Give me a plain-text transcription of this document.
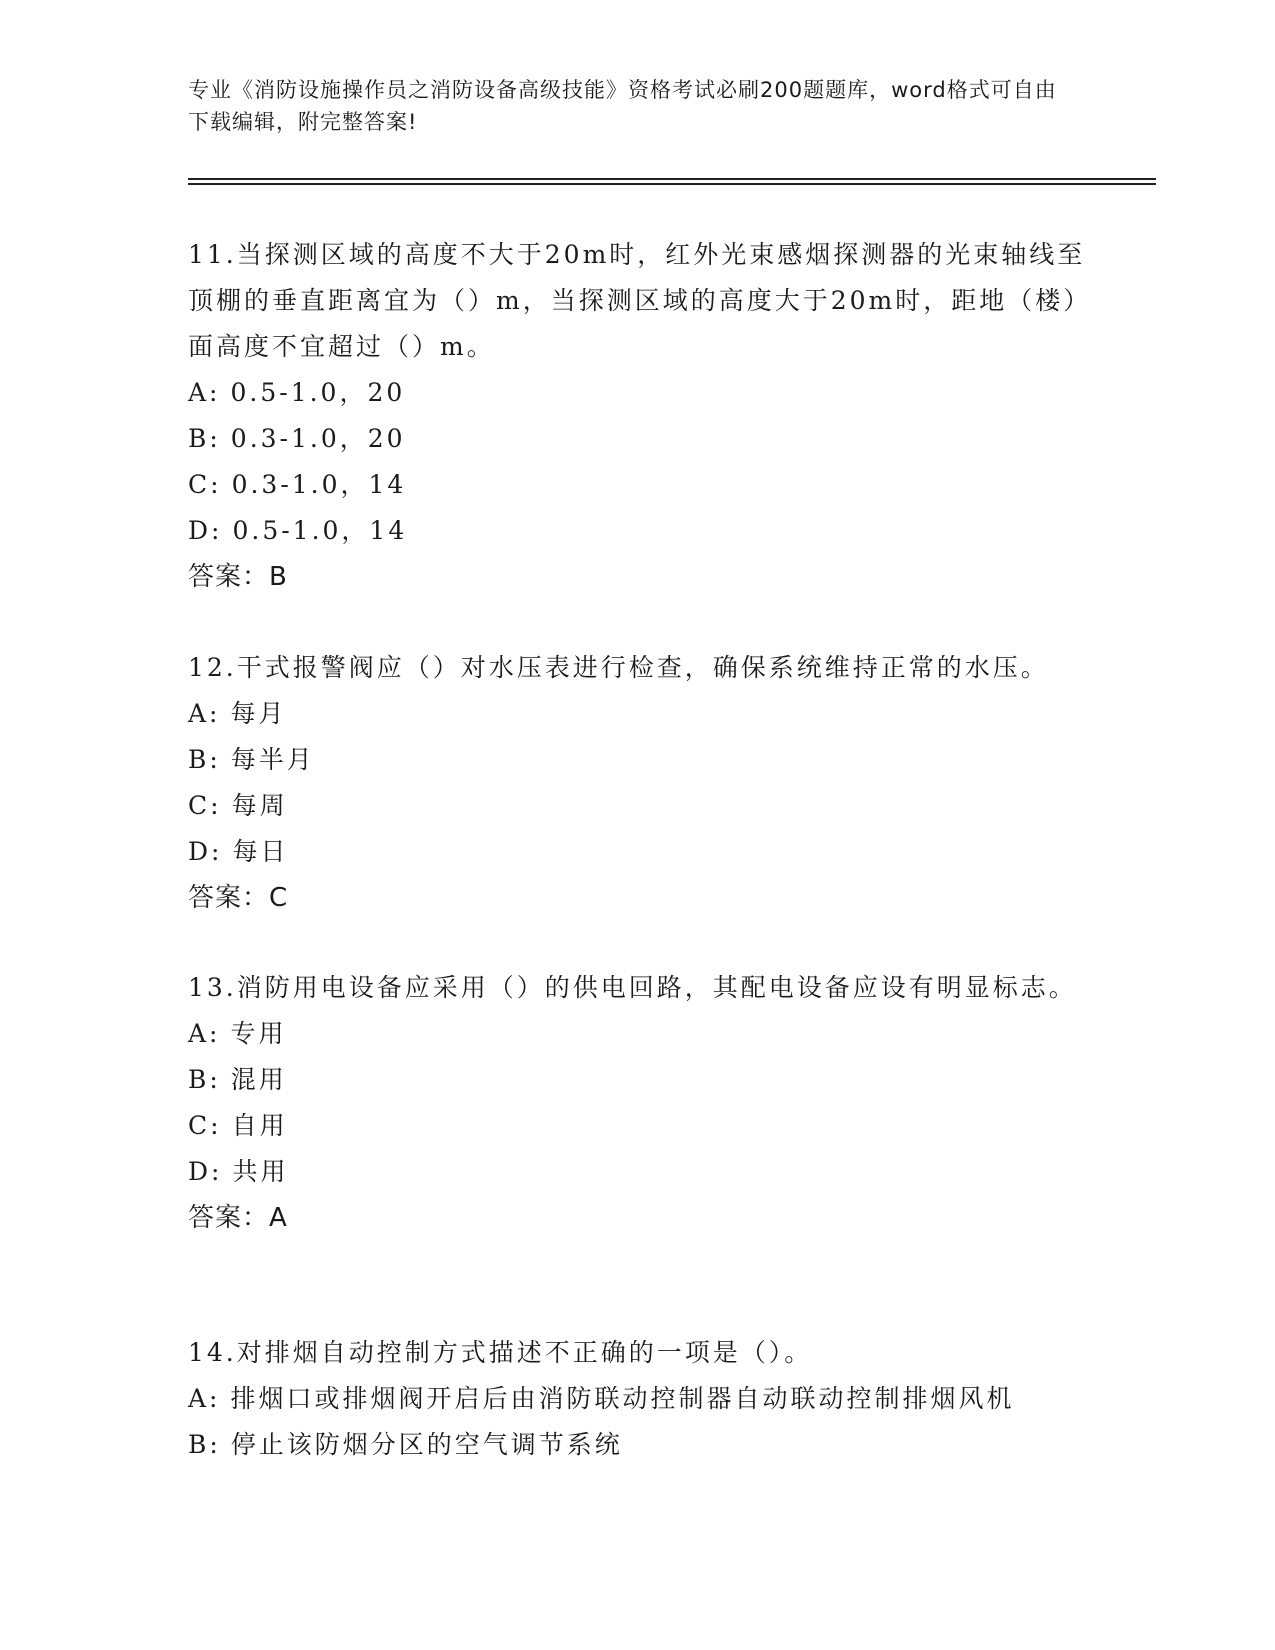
专业《消防设施操作员之消防设备高级技能》资格考试必刷200题题库，word格式可自由下载编辑，附完整答案!

11.当探测区域的高度不大于20m时，红外光束感烟探测器的光束轴线至顶棚的垂直距离宜为（）m，当探测区域的高度大于20m时，距地（楼）面高度不宜超过（）m。

A: 0.5-1.0，20
B: 0.3-1.0，20
C: 0.3-1.0，14
D: 0.5-1.0，14
答案：B

12.干式报警阀应（）对水压表进行检查，确保系统维持正常的水压。

A: 每月
B: 每半月
C: 每周
D: 每日
答案：C

13.消防用电设备应采用（）的供电回路，其配电设备应设有明显标志。

A: 专用
B: 混用
C: 自用
D: 共用
答案：A

14.对排烟自动控制方式描述不正确的一项是（）。

A: 排烟口或排烟阀开启后由消防联动控制器自动联动控制排烟风机
B: 停止该防烟分区的空气调节系统
